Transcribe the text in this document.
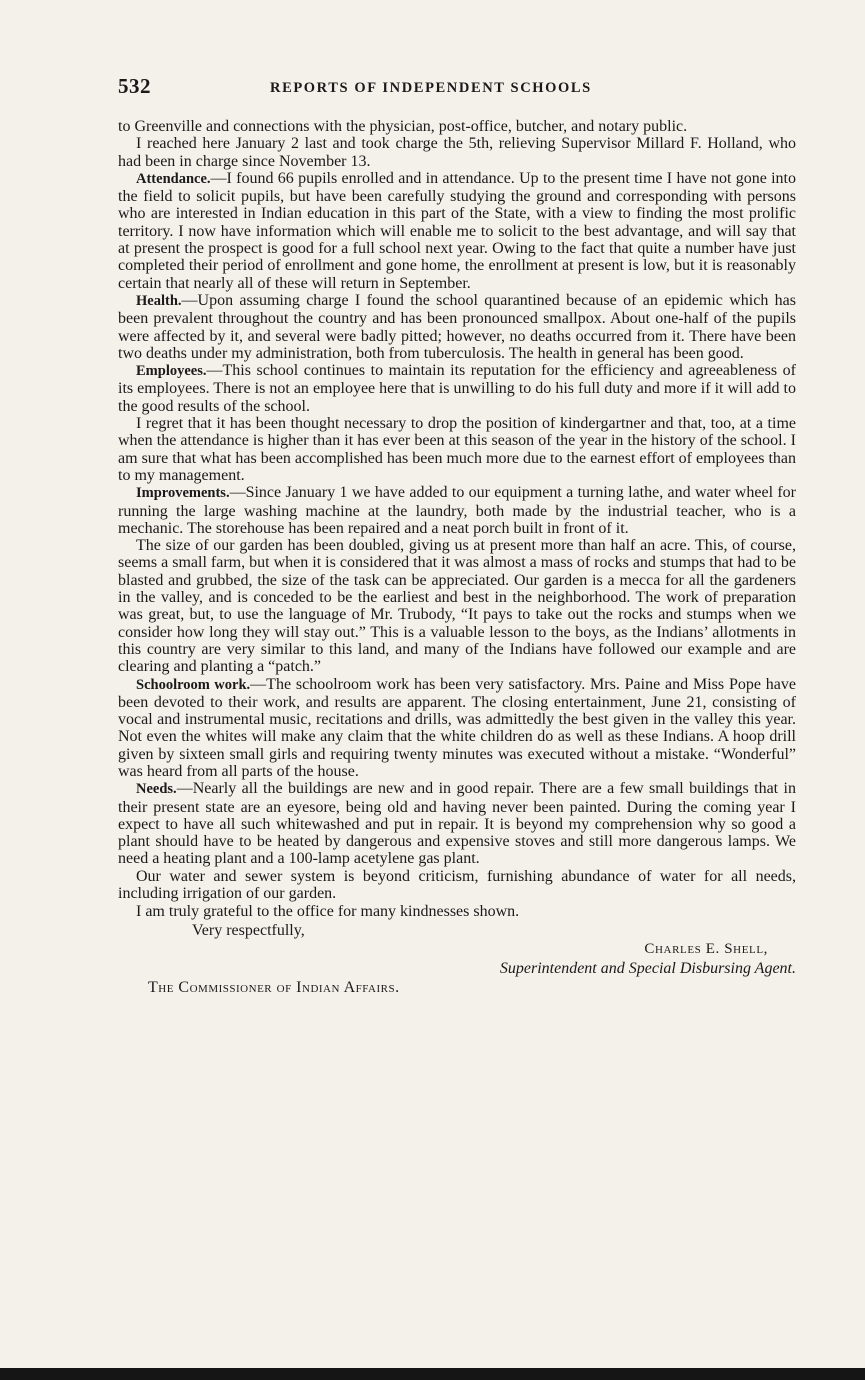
532	REPORTS OF INDEPENDENT SCHOOLS

to Greenville and connections with the physician, post-office, butcher, and notary public.

I reached here January 2 last and took charge the 5th, relieving Supervisor Millard F. Holland, who had been in charge since November 13.

Attendance.—I found 66 pupils enrolled and in attendance. Up to the present time I have not gone into the field to solicit pupils, but have been carefully studying the ground and corresponding with persons who are interested in Indian education in this part of the State, with a view to finding the most prolific territory. I now have information which will enable me to solicit to the best advantage, and will say that at present the prospect is good for a full school next year. Owing to the fact that quite a number have just completed their period of enrollment and gone home, the enrollment at present is low, but it is reasonably certain that nearly all of these will return in September.

Health.—Upon assuming charge I found the school quarantined because of an epidemic which has been prevalent throughout the country and has been pronounced smallpox. About one-half of the pupils were affected by it, and several were badly pitted; however, no deaths occurred from it. There have been two deaths under my administration, both from tuberculosis. The health in general has been good.

Employees.—This school continues to maintain its reputation for the efficiency and agreeableness of its employees. There is not an employee here that is unwilling to do his full duty and more if it will add to the good results of the school.

I regret that it has been thought necessary to drop the position of kindergartner and that, too, at a time when the attendance is higher than it has ever been at this season of the year in the history of the school. I am sure that what has been accomplished has been much more due to the earnest effort of employees than to my management.

Improvements.—Since January 1 we have added to our equipment a turning lathe, and water wheel for running the large washing machine at the laundry, both made by the industrial teacher, who is a mechanic. The storehouse has been repaired and a neat porch built in front of it.

The size of our garden has been doubled, giving us at present more than half an acre. This, of course, seems a small farm, but when it is considered that it was almost a mass of rocks and stumps that had to be blasted and grubbed, the size of the task can be appreciated. Our garden is a mecca for all the gardeners in the valley, and is conceded to be the earliest and best in the neighborhood. The work of preparation was great, but, to use the language of Mr. Trubody, “It pays to take out the rocks and stumps when we consider how long they will stay out.” This is a valuable lesson to the boys, as the Indians’ allotments in this country are very similar to this land, and many of the Indians have followed our example and are clearing and planting a “patch.”

Schoolroom work.—The schoolroom work has been very satisfactory. Mrs. Paine and Miss Pope have been devoted to their work, and results are apparent. The closing entertainment, June 21, consisting of vocal and instrumental music, recitations and drills, was admittedly the best given in the valley this year. Not even the whites will make any claim that the white children do as well as these Indians. A hoop drill given by sixteen small girls and requiring twenty minutes was executed without a mistake. “Wonderful” was heard from all parts of the house.

Needs.—Nearly all the buildings are new and in good repair. There are a few small buildings that in their present state are an eyesore, being old and having never been painted. During the coming year I expect to have all such whitewashed and put in repair. It is beyond my comprehension why so good a plant should have to be heated by dangerous and expensive stoves and still more dangerous lamps. We need a heating plant and a 100-lamp acetylene gas plant.

Our water and sewer system is beyond criticism, furnishing abundance of water for all needs, including irrigation of our garden.

I am truly grateful to the office for many kindnesses shown.

Very respectfully,

Charles E. Shell,

Superintendent and Special Disbursing Agent.

The Commissioner of Indian Affairs.
